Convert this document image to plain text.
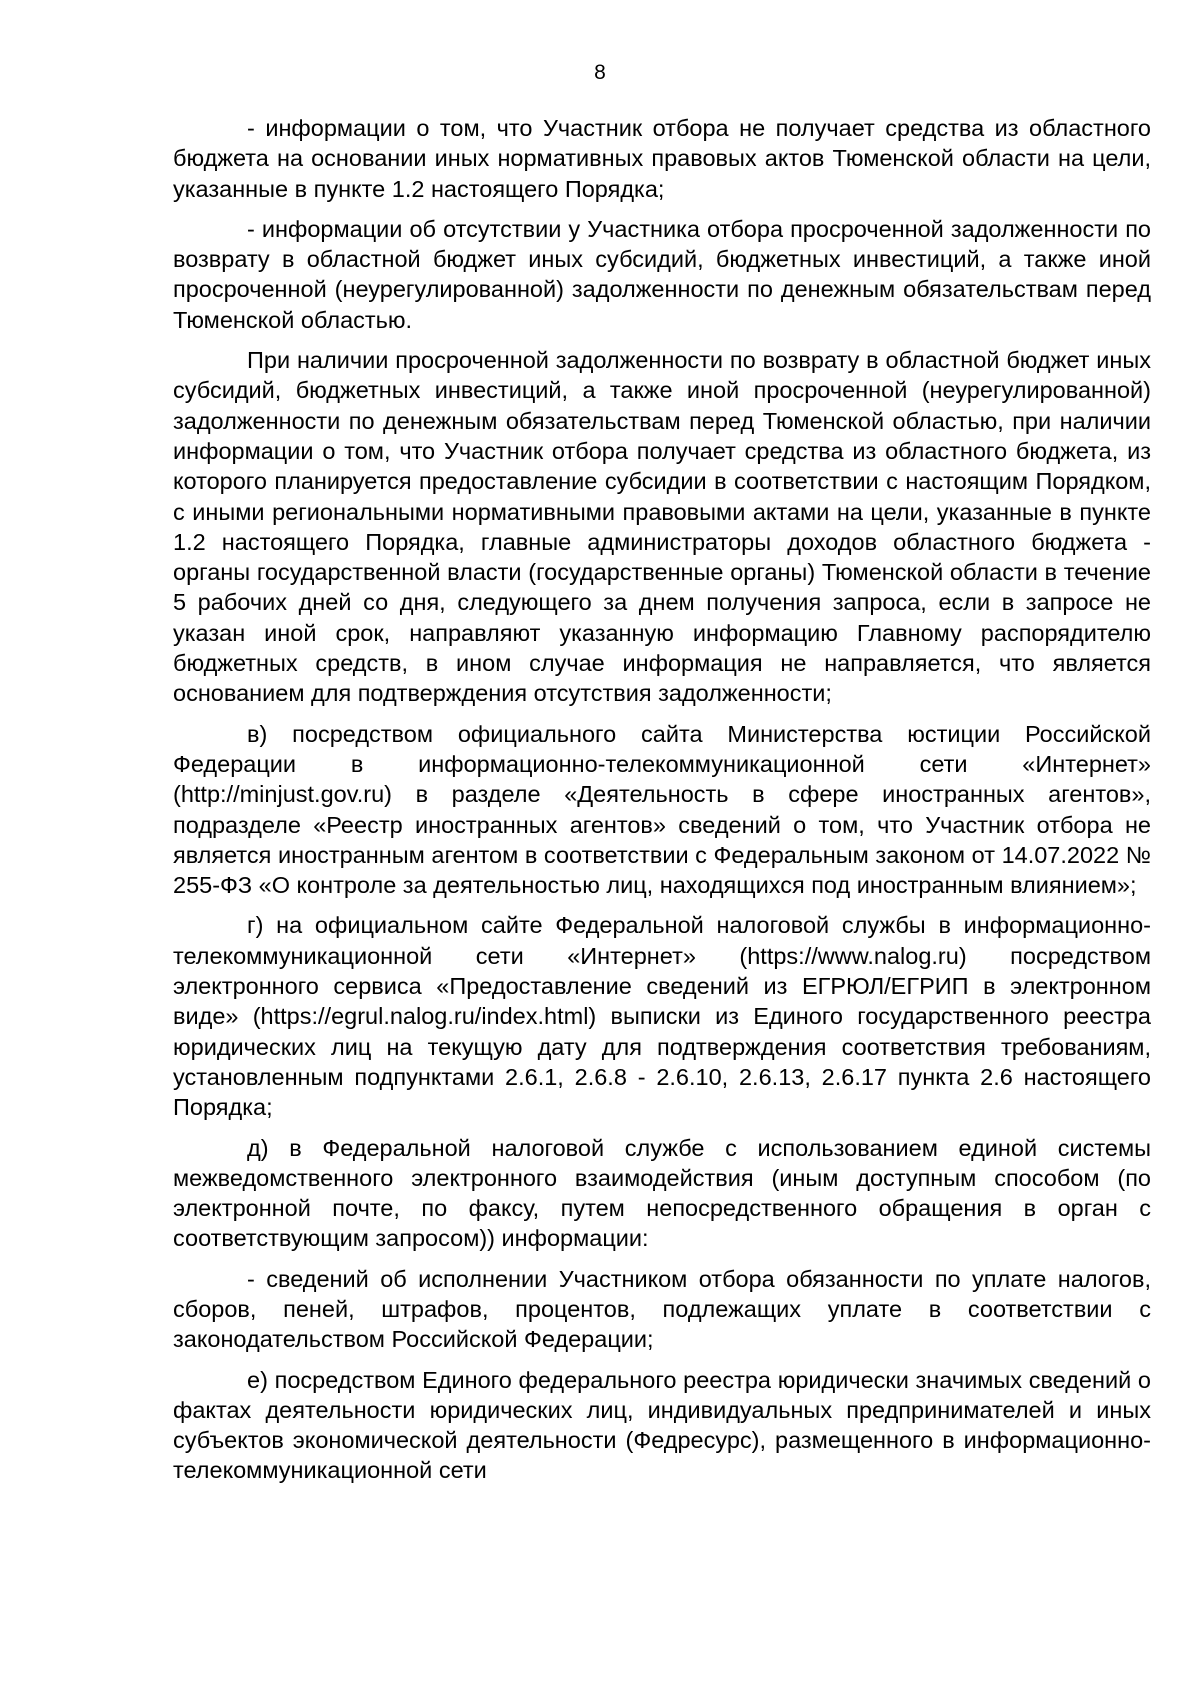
8

- информации о том, что Участник отбора не получает средства из областного бюджета на основании иных нормативных правовых актов Тюменской области на цели, указанные в пункте 1.2 настоящего Порядка;

- информации об отсутствии у Участника отбора просроченной задолженности по возврату в областной бюджет иных субсидий, бюджетных инвестиций, а также иной просроченной (неурегулированной) задолженности по денежным обязательствам перед Тюменской областью.

При наличии просроченной задолженности по возврату в областной бюджет иных субсидий, бюджетных инвестиций, а также иной просроченной (неурегулированной) задолженности по денежным обязательствам перед Тюменской областью, при наличии информации о том, что Участник отбора получает средства из областного бюджета, из которого планируется предоставление субсидии в соответствии с настоящим Порядком, с иными региональными нормативными правовыми актами на цели, указанные в пункте 1.2 настоящего Порядка, главные администраторы доходов областного бюджета - органы государственной власти (государственные органы) Тюменской области в течение 5 рабочих дней со дня, следующего за днем получения запроса, если в запросе не указан иной срок, направляют указанную информацию Главному распорядителю бюджетных средств, в ином случае информация не направляется, что является основанием для подтверждения отсутствия задолженности;

в) посредством официального сайта Министерства юстиции Российской Федерации в информационно-телекоммуникационной сети «Интернет» (http://minjust.gov.ru) в разделе «Деятельность в сфере иностранных агентов», подразделе «Реестр иностранных агентов» сведений о том, что Участник отбора не является иностранным агентом в соответствии с Федеральным законом от 14.07.2022 № 255-ФЗ «О контроле за деятельностью лиц, находящихся под иностранным влиянием»;

г) на официальном сайте Федеральной налоговой службы в информационно-телекоммуникационной сети «Интернет» (https://www.nalog.ru) посредством электронного сервиса «Предоставление сведений из ЕГРЮЛ/ЕГРИП в электронном виде» (https://egrul.nalog.ru/index.html) выписки из Единого государственного реестра юридических лиц на текущую дату для подтверждения соответствия требованиям, установленным подпунктами 2.6.1, 2.6.8 - 2.6.10, 2.6.13, 2.6.17 пункта 2.6 настоящего Порядка;

д) в Федеральной налоговой службе с использованием единой системы межведомственного электронного взаимодействия (иным доступным способом (по электронной почте, по факсу, путем непосредственного обращения в орган с соответствующим запросом)) информации:

- сведений об исполнении Участником отбора обязанности по уплате налогов, сборов, пеней, штрафов, процентов, подлежащих уплате в соответствии с законодательством Российской Федерации;

е) посредством Единого федерального реестра юридически значимых сведений о фактах деятельности юридических лиц, индивидуальных предпринимателей и иных субъектов экономической деятельности (Федресурс), размещенного в информационно-телекоммуникационной сети
